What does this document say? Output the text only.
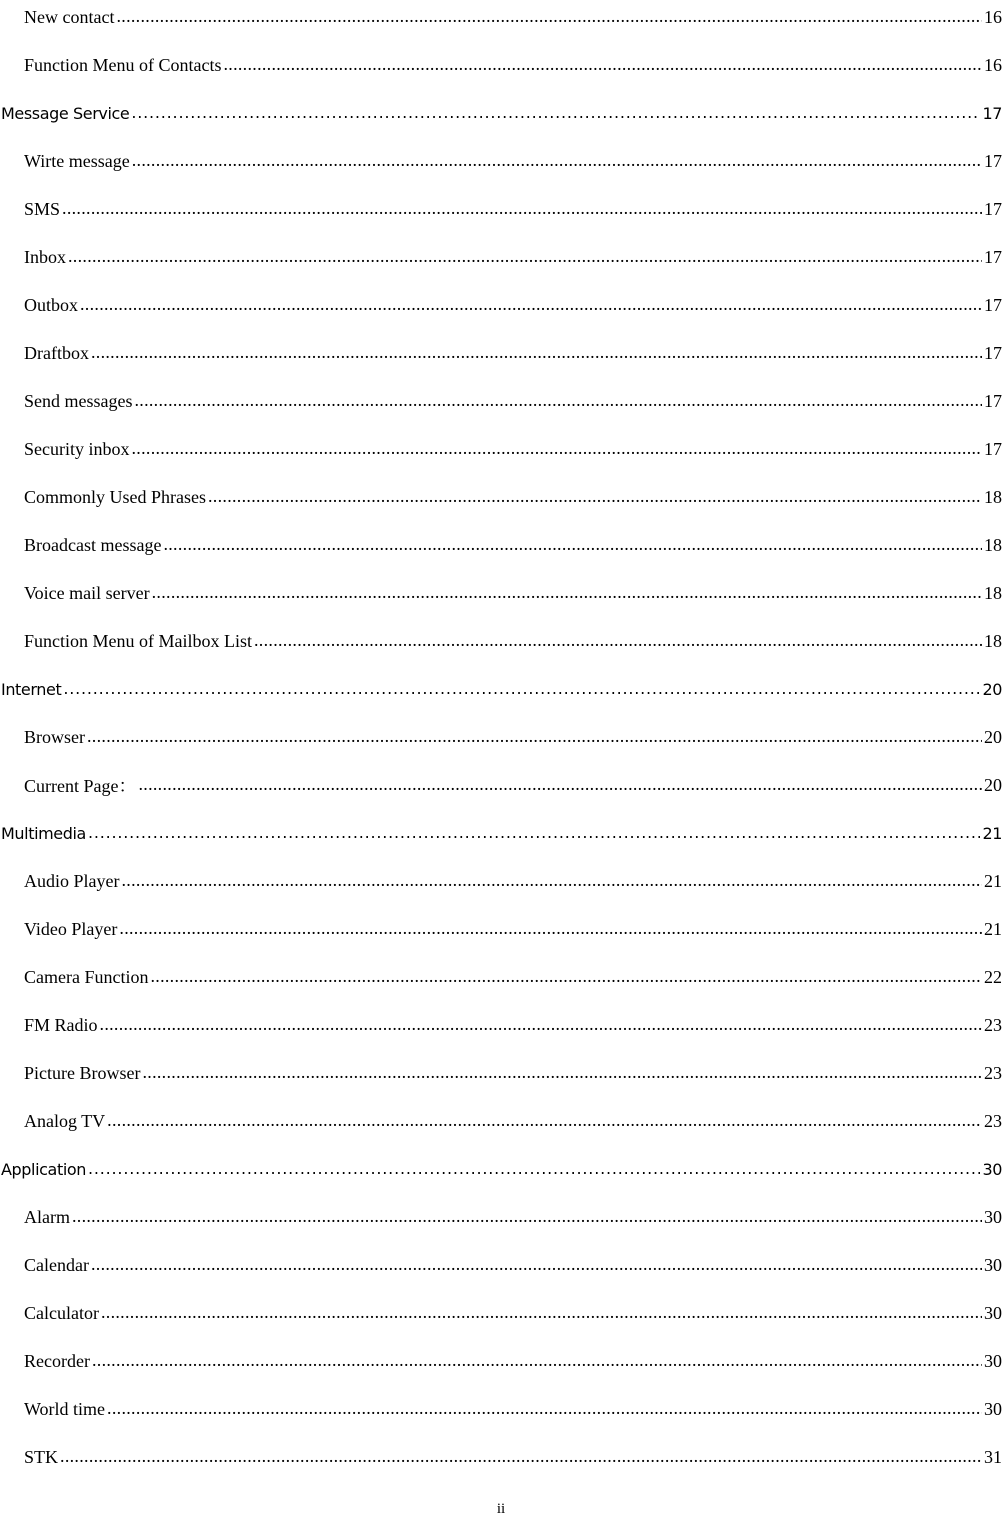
New contact .....	16
Function Menu of Contacts .....	16
Message Service .....	17
Wirte message .....	17
SMS .....	17
Inbox .....	17
Outbox .....	17
Draftbox .....	17
Send messages .....	17
Security inbox .....	17
Commonly Used Phrases .....	18
Broadcast message .....	18
Voice mail server .....	18
Function Menu of Mailbox List .....	18
Internet .....	20
Browser .....	20
Current Page： .....	20
Multimedia .....	21
Audio Player .....	21
Video Player .....	21
Camera Function .....	22
FM Radio .....	23
Picture Browser .....	23
Analog TV .....	23
Application .....	30
Alarm .....	30
Calendar .....	30
Calculator .....	30
Recorder .....	30
World time .....	30
STK .....	31
ii
